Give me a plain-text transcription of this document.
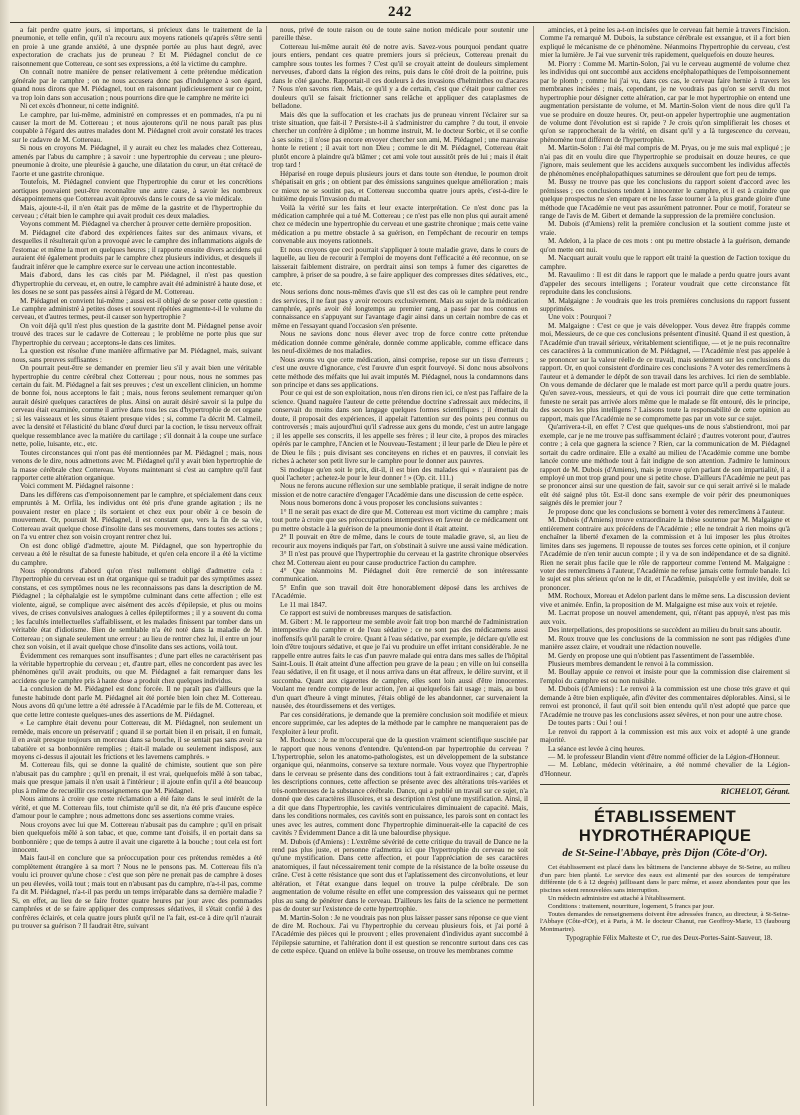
242

a fait perdre quatre jours, si importans, si précieux dans le traitement de la pneumonie, et telle enfin, qu'il n'a recouru aux moyens rationels qu'après s'être senti en proie à une grande anxiété, à une dyspnée portée au plus haut degré, avec expectoration de crachats jus de pruneau ? Et M. Piédagnel conclut de ce raisonnement que Cottereau, ce sont ses expressions, a été la victime du camphre.

On connaît notre manière de penser relativement à cette prétendue médication générale par le camphre ; on ne nous accusera donc pas d'indulgence à son égard, quand nous dirons que M. Piédagnel, tout en raisonnant judicieusement sur ce point, va trop loin dans son accusation ; nous pourrions dire que le camphre ne mérite ici

Ni cet excès d'honneur, ni cette indignité.

Le camphre, par lui-même, administré en compresses et en pommades, n'a pu ni causer la mort de M. Cottereau ; et nous ajouterons qu'il ne nous paraît pas plus coupable à l'égard des autres malades dont M. Piédagnel croit avoir constaté les traces sur le cadavre de M. Cottereau.

Si nous en croyons M. Piédagnel, il y aurait eu chez les malades chez Cottereau, amenés par l'abus du camphre ; à savoir : une hypertrophie du cerveau ; une pleuro-pneumonie à droite, une pleurésie à gauche, une dilatation du cœur, un état crétacé de l'aorte et une gastrite chronique.

Toutefois, M. Piédagnel convient que l'hypertrophie du cœur et les concrétions aortiques pouvaient peut-être reconnaître une autre cause, à savoir les nombreux désappointemens que Cottereau avait éprouvés dans le cours de sa vie médicale.

Mais, ajoute-t-il, il n'en était pas de même de la gastrite et de l'hypertrophie du cerveau ; c'était bien le camphre qui avait produit ces deux maladies.

Voyons comment M. Piédagnel va chercher à prouver cette dernière proposition.

M. Piédagnel cite d'abord des expériences faites sur des animaux vivans, et desquelles il résulterait qu'on a provoqué avec le camphre des inflammations aiguës de l'estomac et même la mort en quelques heures ; il rapporte ensuite divers accidens qui auraient été également produits par le camphre chez plusieurs individus, et desquels il faudrait inférer que le camphre exerce sur le cerveau une action incontestable.

Mais d'abord, dans les cas cités par M. Piédagnel, il n'est pas question d'hypertrophie du cerveau, et, en outre, le camphre avait été administré à haute dose, et les doses ne se sont pas passées ainsi à l'égard de M. Cottereau.

M. Piédagnel en convient lui-même ; aussi est-il obligé de se poser cette question : Le camphre administré à petites doses et souvent répétées augmente-t-il le volume du cerveau, et d'autres termes, peut-il causer son hypertrophie ?

On voit déjà qu'il n'est plus question de la gastrite dont M. Piédagnel pense avoir trouvé des traces sur le cadavre de Cottereau ; le problème ne porte plus que sur l'hypertrophie du cerveau ; acceptons-le dans ces limites.

La question est résolue d'une manière affirmative par M. Piédagnel, mais, suivant nous, sans preuves suffisantes :

On pourrait peut-être se demander en premier lieu s'il y avait bien une véritable hypertrophie du centre cérébral chez Cottereau ; pour nous, nous ne sommes pas certain du fait. M. Piédagnel a fait ses preuves ; c'est un excellent clinicien, un homme de bonne foi, nous acceptons le fait ; mais, nous ferons seulement remarquer qu'on aurait désiré quelques caractères de plus. Ainsi on aurait désiré savoir si la pulpe du cerveau était examinée, comme il arrive dans tous les cas d'hypertrophie de cet organe ; si les vaisseaux et les sinus étaient presque vides ; si, comme l'a décrit M. Calmeil, avec la densité et l'élasticité du blanc d'œuf durci par la coction, le tissu nerveux offrait quelque ressemblance avec la matière du cartilage ; s'il donnait à la coupe une surface nette, polie, luisante, etc., etc.

Toutes circonstances qui n'ont pas été mentionnées par M. Piédagnel ; mais, nous venons de le dire, nous admettons avec M. Piédagnel qu'il y avait bien hypertrophie de la masse cérébrale chez Cottereau. Voyons maintenant si c'est au camphre qu'il faut rapporter cette altération organique.

Voici comment M. Piédagnel raisonne :

Dans les différens cas d'empoisonnement par le camphre, et spécialement dans ceux empruntés à M. Orfila, les individus ont été pris d'une grande agitation ; ils ne pouvaient rester en place ; ils sortaient et chez eux pour obéir à ce besoin de mouvement. Or, poursuit M. Piédagnel, il est constant que, vers la fin de sa vie, Cottereau avait quelque chose d'insolite dans ses mouvemens, dans toutes ses actions ; on l'a vu entrer chez son voisin croyant rentrer chez lui.

On est donc obligé d'admettre, ajoute M. Piédagnel, que son hypertrophie du cerveau a été le résultat de sa funeste habitude, et qu'en cela encore il a été la victime du camphre.

Nous répondrons d'abord qu'on n'est nullement obligé d'admettre cela : l'hypertrophie du cerveau est un état organique qui se traduit par des symptômes assez constans, et ces symptômes nous ne les reconnaissons pas dans la description de M. Piédagnel ; la céphalalgie est le symptôme culminant dans cette affection ; elle est violente, aiguë, se complique avec aisément des accès d'épilepsie, et plus ou moins vives, de crises convulsives analogues à celles épileptiformes ; il y a souvent du coma ; les facultés intellectuelles s'affaiblissent, et les malades finissent par tomber dans un véritable état d'idiotisme. Bien de semblable n'a été noté dans la maladie de M. Cottereau ; on signale seulement une erreur : au lieu de rentrer chez lui, il entre un jour chez son voisin, et il avait quelque chose d'insolite dans ses actions, voilà tout.

Évidemment ces remarques sont insuffisantes ; d'une part elles ne caractérisent pas la véritable hypertrophie du cerveau ; et, d'autre part, elles ne concordent pas avec les phénomènes qu'il avait produits, ou que M. Piédagnel a fait remarquer dans les accidens que le camphre pris à haute dose a produit chez quelques individus.

La conclusion de M. Piédagnel est donc forcée. Il ne paraît pas d'ailleurs que la funeste habitude dont parle M. Piédagnel ait été portée bien loin chez M. Cottereau. Nous avons dû qu'une lettre a été adressée à l'Académie par le fils de M. Cottereau, et que cette lettre conteste quelques-unes des assertions de M. Piédagnel.

« Le camphre était devenu pour Cottereau, dit M. Piédagnel, non seulement un remède, mais encore un préservatif ; quand il se portait bien il en prisait, il en fumait, il en avait presque toujours un morceau dans sa bouche, il se sentait pas sans avoir sa tabatière et sa bonbonnière remplies ; était-il malade ou seulement indisposé, aux moyens ci-dessus il ajoutait les frictions et les lavemens camphrés. »

M. Cottereau fils, qui se donne la qualité de chimiste, soutient que son père n'abusait pas du camphre ; qu'il en prenait, il est vrai, quelquefois mêlé à son tabac, mais que presque jamais il n'en usait à l'intérieur ; il ajoute enfin qu'il a été beaucoup plus à même de recueillir ces renseignemens que M. Piédagnel.

Nous aimons à croire que cette réclamation a été faite dans le seul intérêt de la vérité, et que M. Cottereau fils, tout chimiste qu'il se dit, n'a été pris d'aucune espèce d'amour pour le camphre ; nous admettons donc ses assertions comme vraies.

Nous croyons avec lui que M. Cottereau n'abusait pas du camphre ; qu'il en prisait bien quelquefois mêlé à son tabac, et que, comme tant d'oisifs, il en portait dans sa bonbonnière ; que de temps à autre il avait une cigarette à la bouche ; tout cela est fort innocent.

Mais faut-il en conclure que sa préoccupation pour ces prétendus remèdes a été complètement étrangère à sa mort ? Nous ne le pensons pas. M. Cottereau fils n'a voulu ici prouver qu'une chose : c'est que son père ne prenait pas de camphre à doses un peu élevées, voilà tout ; mais tout en n'abusant pas du camphre, n'a-t-il pas, comme l'a dit M. Piédagnel, n'a-t-il pas perdu un temps irréparable dans sa dernière maladie ? Si, en effet, au lieu de se faire frotter quatre heures par jour avec des pommades camphrées et de se faire appliquer des compresses sédatives, il s'était confié à des confrères éclairés, et cela quatre jours plutôt qu'il ne l'a fait, est-ce à dire qu'il n'aurait pu trouver sa guérison ? Il faudrait être, suivant

nous, privé de toute raison ou de toute saine notion médicale pour soutenir une pareille thèse.

Cottereau lui-même aurait été de notre avis. Savez-vous pourquoi pendant quatre jours entiers, pendant ces quatre premiers jours si précieux, Cottereau prenait du camphre sous toutes les formes ? C'est qu'il se croyait atteint de douleurs simplement nerveuses, d'abord dans la région des reins, puis dans le côté droit de la poitrine, puis dans le côté gauche. Rapportait-il ces douleurs à des invasions d'helminthes ou d'acares ? Nous n'en savons rien. Mais, ce qu'il y a de certain, c'est que c'était pour calmer ces douleurs qu'il se faisait frictionner sans relâche et appliquer des cataplasmes de belladone.

Mais dès que la suffocation et les crachats jus de pruneau vinrent l'éclairer sur sa triste situation, que fait-il ? Persiste-t-il à s'administrer du camphre ? du tout, il envoie chercher un confrère à diplôme ; un homme instruit, M. le docteur Sorbic, et il se confie à ses soins ; il n'ose pas encore envoyer chercher son ami, M. Piédagnel ; une mauvaise honte le retient ; il avait tort non Dieu ; comme le dit M. Piédagnel, Cottereau était plutôt encore à plaindre qu'à blâmer ; cet ami vole tout aussitôt près de lui ; mais il était trop tard !

Héparisé en rouge depuis plusieurs jours et dans toute son étendue, le poumon droit s'hépatisait en gris ; on obtient par des émissions sanguines quelque amélioration ; mais ce mieux ne se soutint pas, et Cottereau succomba quatre jours après, c'est-à-dire le huitième depuis l'invasion du mal.

Voilà la vérité sur les faits et leur exacte interprétation. Ce n'est donc pas la médication camphrée qui a tué M. Cottereau ; ce n'est pas elle non plus qui aurait amené chez ce médecin une hypertrophie du cerveau et une gastrite chronique ; mais cette vaine médication a pu mettre obstacle à sa guérison, en l'empêchant de recourir en temps convenable aux moyens rationnels.

Et nous croyons que ceci pourrait s'appliquer à toute maladie grave, dans le cours de laquelle, au lieu de recourir à l'emploi de moyens dont l'efficacité a été reconnue, on se laisserait faiblement distraire, on perdrait ainsi son temps à fumer des cigarettes de camphre, à priser de sa poudre, à se faire appliquer des compresses dites sédatives, etc., etc.

Nous serions donc nous-mêmes d'avis que s'il est des cas où le camphre peut rendre des services, il ne faut pas y avoir recours exclusivement. Mais au sujet de la médication camphrée, après avoir été longtemps au premier rang, a passé par nos connus en connaissance en s'appuyant sur l'avantage d'agir ainsi dans un certain nombre de cas et même en l'essayant quand l'occasion s'en présente.

Nous ne savions donc nous élever avec trop de force contre cette prétendue médication donnée comme générale, donnée comme applicable, comme efficace dans les neuf-dixièmes de nos maladies.

Nous avons vu que cette médication, ainsi comprise, repose sur un tissu d'erreurs ; c'est une œuvre d'ignorance, c'est l'œuvre d'un esprit fourvoyé. Si donc nous absolvons cette méthode des méfaits que lui avait imputés M. Piédagnel, nous la condamnons dans son principe et dans ses applications.

Pour ce qui est de son exploitation, nous n'en dirons rien ici, ce n'est pas l'affaire de la science. Quand naguère l'auteur de cette prétendue doctrine s'adressait aux médecins, il conservait du moins dans son langage quelques formes scientifiques ; il émettait du doute, il proposait des expériences, il appelait l'attention sur des points peu connus ou controversés ; mais aujourd'hui qu'il s'adresse aux gens du monde, c'est un autre langage ; il les appelle ses conscrits, il les appelle ses frères ; il leur cite, à propos des miracles opérés par le camphre, l'Ancien et le Nouveau-Testament ; il leur parle de Dieu le père et de Dieu le fils ; puis divisant ses conciteyens en riches et en pauvres, il conviait les riches à acheter son petit livre sur le camphre pour le donner aux pauvres.

Si modique qu'en soit le prix, dit-il, il est bien des malades qui « n'auraient pas de quoi l'acheter ; achetez-le pour le leur donner ! » (Op. cit. 111.)

Nous ne ferons aucune réflexion sur une semblable pratique, il serait indigne de notre mission et de notre caractère d'engager l'Académie dans une discussion de cette espèce.

Nous nous bornerons donc à vous proposer les conclusions suivantes :

1° Il ne serait pas exact de dire que M. Cottereau est mort victime du camphre ; mais tout porte à croire que ses préoccupations intempestives en faveur de ce médicament ont pu mettre obstacle à la guérison de la pneumonie dont il était atteint.

2° Il pouvait en être de même, dans le cours de toute maladie grave, si, au lieu de recourir aux moyens indiqués par l'art, on s'obstinait à suivre une aussi vaine médication.

3° Il n'est pas prouvé que l'hypertrophie du cerveau et la gastrite chronique observées chez M. Cottereau aient eu pour cause productrice l'action du camphre.

4° Que néanmoins M. Piédagnel doit être remercié de son intéressante communication.

5° Enfin que son travail doit être honorablement déposé dans les archives de l'Académie.

Le 11 mai 1847.

Ce rapport est suivi de nombreuses marques de satisfaction.

M. Gibert : M. le rapporteur me semble avoir fait trop bon marché de l'administration intempestive du camphre et de l'eau sédative ; ce ne sont pas des médicamens aussi inoffensifs qu'il paraît le croire. Quant à l'eau sédative, par exemple, je déclare qu'elle est loin d'être toujours sédative, et que je l'ai vu produire un effet irritant considérable. Je ne rappelle entre autres faits le cas d'un pauvre malade qui entra dans mes salles de l'hôpital Saint-Louis. Il était atteint d'une affection peu grave de la peau ; en ville on lui conseilla l'eau sédative, il en fit usage, et il nous arriva dans un état affreux, le délire survint, et il succomba. Quant aux cigarettes de camphre, elles sont loin aussi d'être innocentes. Voulant me rendre compte de leur action, j'en ai quelquefois fait usage ; mais, au bout d'un quart d'heure à vingt minutes, j'étais obligé de les abandonner, car survenaient la nausée, des étourdissemens et des vertiges.

Par ces considérations, je demande que la première conclusion soit modifiée et mieux encore supprimée, car les adeptes de la méthode par le camphre ne manqueraient pas de l'exploiter à leur profit.

M. Rochoux : Je ne m'occuperai que de la question vraiment scientifique suscitée par le rapport que nous venons d'entendre. Qu'entend-on par hypertrophie du cerveau ? L'hypertrophie, selon les anatomo-pathologistes, est un développement de la substance organique qui, néanmoins, conserve sa texture normale. Vous voyez que l'hypertrophie dans le cerveau se présente dans des conditions tout à fait extraordinaires ; car, d'après les descriptions connues, cette affection se présente avec des altérations très-variées et très-nombreuses de la substance cérébrale. Dance, qui a publié un travail sur ce sujet, n'a donné que des caractères illusoires, et sa description n'est qu'une mystification. Ainsi, il a dit que dans l'hypertrophie, les cavités ventriculaires diminuaient de capacité. Mais, dans les conditions normales, ces cavités sont en puissance, les parois sont en contact les unes avec les autres, comment donc l'hypertrophie diminuerait-elle la capacité de ces cavités ? Évidemment Dance a dit là une balourdise physique.

M. Dubois (d'Amiens) : L'extrême sévérité de cette critique du travail de Dance ne la rend pas plus juste, et personne n'admettra ici que l'hypertrophie du cerveau ne soit qu'une mystification. Dans cette affection, et pour l'appréciation de ses caractères anatomiques, il faut nécessairement tenir compte de la résistance de la boîte osseuse du crâne. C'est à cette résistance que sont dus et l'aplatissement des circonvolutions, et leur altération, et l'état exangue dans lequel on trouve la pulpe cérébrale. De son augmentation de volume résulte en effet une compression des vaisseaux qui ne permet plus au sang de pénétrer dans le cerveau. D'ailleurs les faits de la science ne permettent pas de douter sur l'existence de cette hypertrophie.

M. Martin-Solon : Je ne voudrais pas non plus laisser passer sans réponse ce que vient de dire M. Rochoux. J'ai vu l'hypertrophie du cerveau plusieurs fois, et j'ai porté à l'Académie des pièces qui le prouvent ; elles provenaient d'individus ayant succombé à l'épilepsie saturnine, et l'altération dont il est question se rencontre surtout dans ces cas de cette espèce. Quand on enlève la boîte osseuse, on trouve les membranes comme

amincies, et à peine les a-t-on incisées que le cerveau fait hernie à travers l'incision. Comme l'a remarqué M. Dubois, la substance cérébrale est exsangue, et il a fort bien expliqué le mécanisme de ce phénomène. Néanmoins l'hypertrophie du cerveau, c'est mier la lumière. Je l'ai vue survenir très rapidement, quelquefois en douze heures.

M. Piorry : Comme M. Martin-Solon, j'ai vu le cerveau augmenté de volume chez les individus qui ont succombé aux accidens encéphalopathiques de l'empoisonnement par le plomb ; comme lui j'ai vu, dans ces cas, le cerveau faire hernie à travers les membranes incisées ; mais, cependant, je ne voudrais pas qu'on se servît du mot hypertrophie pour désigner cette altération, car par le mot hypertrophie on entend une augmentation persistante de volume, et M. Martin-Solon vient de nous dire qu'il l'a vue se produire en douze heures. Or, peut-on appeler hypertrophie une augmentation de volume dont l'évolution est si rapide ? Je crois qu'on simplifierait les choses et qu'on se rapprocherait de la vérité, en disant qu'il y a là turgescence du cerveau, phénomène tout différent de l'hypertrophie.

M. Martin-Solon : J'ai été mal compris de M. Pryas, ou je me suis mal expliqué ; je n'ai pas dit en voulu dire que l'hypertrophie se produisait en douze heures, ce que j'ignore, mais seulement que les accidens auxquels succombent les individus affectés de phénomènes encéphalopathiques saturnines se déroulent que fort peu de temps.

M. Bussy ne trouve pas que les conclusions du rapport soient d'accord avec les prémisses ; ces conclusions tendent à innocenter le camphre, et il est à craindre que quelque prospectus ne s'en empare et ne les fasse tourner à la plus grande gloire d'une méthode que l'Académie ne veut pas assurément patronner. Pour ce motif, l'orateur se range de l'avis de M. Gibert et demande la suppression de la première conclusion.

M. Dubois (d'Amiens) relit la première conclusion et la soutient comme juste et vraie.

M. Adelon, à la place de ces mots : ont pu mettre obstacle à la guérison, demande qu'on mette ont nui.

M. Nacquart aurait voulu que le rapport eût traité la question de l'action toxique du camphre.

M. Ravaulimo : Il est dit dans le rapport que le malade a perdu quatre jours avant d'appeler des secours intelligens ; l'orateur voudrait que cette circonstance fût reproduite dans les conclusions.

M. Malgaigne : Je voudrais que les trois premières conclusions du rapport fussent supprimées.

Une voix : Pourquoi ?

M. Malgaigne : C'est ce que je vais développer. Vous devez être frappés comme moi, Messieurs, de ce que ces conclusions présentent d'inusité. Quand il est question, à l'Académie d'un travail sérieux, véritablement scientifique, — et je ne puis reconnaître ces caractères à la communication de M. Piédagnel, — l'Académie n'est pas appelée à se prononcer sur la valeur réelle de ce travail, mais seulement sur les conclusions du rapport. Or, en quoi consistent d'ordinaire ces conclusions ? A voter des remercîmens à l'auteur et à demander le dépôt de son travail dans les archives. Ici rien de semblable. On vous demande de déclarer que le malade est mort parce qu'il a perdu quatre jours. Qu'en savez-vous, messieurs, et qui de vous ici pourrait dire que cette termination funeste ne serait pas arrivée alors même que le malade se fût entouré, dès le principe, des secours les plus intelligens ? Laissons toute la responsabilité de cette opinion au rapport, mais que l'Académie ne se compromette pas par un vote sur ce sujet.

Qu'arrivera-t-il, en effet ? C'est que quelques-uns de nous s'abstiendront, moi par exemple, car je ne me trouve pas suffisamment éclairé ; d'autres voteront pour, d'autres contre ; à cela que gagnera la science ? Rien, car la communication de M. Piédagnel sortait du cadre ordinaire. Elle a exalté au milieu de l'Académie comme une bombe lancée contre une méthode tout à fait indigne de son attention. J'admire le luminoux rapport de M. Dubois (d'Amiens), mais je trouve qu'en parlant de son impartialité, il a employé un mot trop grand pour une si petite chose. D'ailleurs l'Académie ne peut pas se prononcer ainsi sur une question de fait, savoir sur ce qui serait arrivé si le malade eût été saigné plus tôt. Est-il donc sans exemple de voir périr des pneumoniques saignés dès le premier jour ?

Je propose donc que les conclusions se bornent à voter des remercîmens à l'auteur.

M. Dubois (d'Amiens) trouve extraordinaire la thèse soutenue par M. Malgaigne et entièrement contraire aux précédens de l'Académie ; elle ne tendrait à rien moins qu'à enchaîner la liberté d'examen de la commission et à lui imposer les plus étroites limites dans ses jugemens. Il repousse de toutes ses forces cette opinion, et il conjure l'Académie de n'en tenir aucun compte ; il y va de son indépendance et de sa dignité. Rien ne serait plus facile que le rôle de rapporteur comme l'entend M. Malgaigne : voter des remercîmens à l'auteur, l'Académie ne refuse jamais cette formule banale. Ici le sujet est plus sérieux qu'on ne le dit, et l'Académie, puisqu'elle y est invitée, doit se prononcer.

MM. Rochoux, Moreau et Adelon parlent dans le même sens. La discussion devient vive et animée. Enfin, la proposition de M. Malgaigne est mise aux voix et rejetée.

M. Lacrrat propose un nouvel amendement, qui, n'étant pas appuyé, n'est pas mis aux voix.

Des interpellations, des propositions se succèdent au milieu du bruit sans aboutir.

M. Roux trouve que les conclusions de la commission ne sont pas rédigées d'une manière assez claire, et voudrait une rédaction nouvelle.

M. Gerdy en propose une qui n'obtient pas l'assentiment de l'assemblée.

Plusieurs membres demandent le renvoi à la commission.

M. Boullay appuie ce renvoi et insiste pour que la commission dise clairement si l'emploi du camphre est ou non nuisible.

M. Dubois (d'Amiens) : Le renvoi à la commission est une chose très grave et qui demande à être bien expliquée, afin d'éviter des commentaires déplorables. Ainsi, si le renvoi est prononcé, il faut qu'il soit bien entendu qu'il n'est adopté que parce que l'Académie ne trouve pas les conclusions assez sévères, et non pour une autre chose.

De toutes parts : Oui ! oui !

Le renvoi du rapport à la commission est mis aux voix et adopté à une grande majorité.

La séance est levée à cinq heures.

— M. le professeur Blandin vient d'être nommé officier de la Légion-d'Honneur.

— M. Leblanc, médecin vétérinaire, a été nommé chevalier de la Légion-d'Honneur.

RICHELOT, Gérant.
ÉTABLISSEMENT HYDROTHÉRAPIQUE
de St-Seine-l'Abbaye, près Dijon (Côte-d'Or).

Cet établissement est placé dans les bâtimens de l'ancienne abbaye de St-Seine, au milieu d'un parc bien planté. Le service des eaux est alimenté par des sources de température différente (de 6 à 12 degrés) jaillissant dans le parc même, et assez abondantes pour que les piscines soient renouvelées sans interruption.

Un médecin administre est attaché à l'établissement.

Conditions : traitement, nourriture, logement, 5 francs par jour.

Toutes demandes de renseignemens doivent être adressées franco, au directeur, à St-Seine-l'Abbaye (Côte-d'Or), et à Paris, à M. le docteur Chanut, rue Geoffroy-Marie, 13 (faubourg Montmartre).

Typographie Félix Malteste et Cᵉ, rue des Deux-Portes-Saint-Sauveur, 18.
